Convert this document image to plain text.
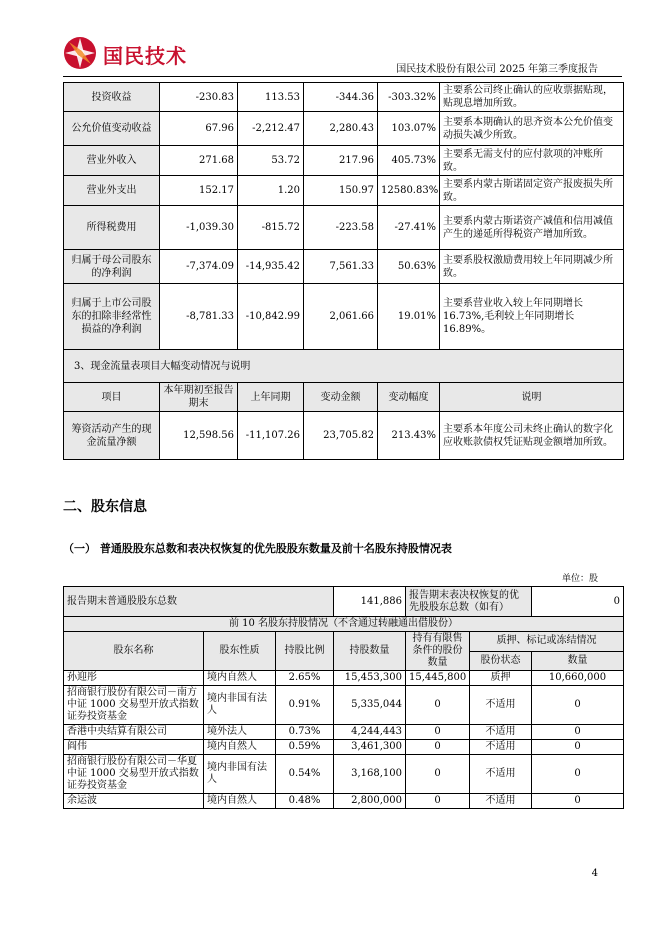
国民技术
国民技术股份有限公司 2025 年第三季度报告
投资收益	-230.83	113.53	-344.36	-303.32%	主要系公司终止确认的应收票据贴现，贴现息增加所致。
公允价值变动收益	67.96	-2,212.47	2,280.43	103.07%	主要系本期确认的思齐资本公允价值变动损失减少所致。
营业外收入	271.68	53.72	217.96	405.73%	主要系无需支付的应付款项的冲账所致。
营业外支出	152.17	1.20	150.97	12580.83%	主要系内蒙古斯诺固定资产报废损失所致。
所得税费用	-1,039.30	-815.72	-223.58	-27.41%	主要系内蒙古斯诺资产减值和信用减值产生的递延所得税资产增加所致。
归属于母公司股东的净利润	-7,374.09	-14,935.42	7,561.33	50.63%	主要系股权激励费用较上年同期减少所致。
归属于上市公司股东的扣除非经常性损益的净利润	-8,781.33	-10,842.99	2,061.66	19.01%	主要系营业收入较上年同期增长16.73%,毛利较上年同期增长16.89%。
3、现金流量表项目大幅变动情况与说明					
项目	本年期初至报告期末	上年同期	变动金额	变动幅度	说明
筹资活动产生的现金流量净额	12,598.56	-11,107.26	23,705.82	213.43%	主要系本年度公司未终止确认的数字化应收账款债权凭证贴现金额增加所致。
二、股东信息
（一） 普通股股东总数和表决权恢复的优先股股东数量及前十名股东持股情况表
单位：股
报告期末普通股股东总数			141,886	报告期末表决权恢复的优先股股东总数（如有）		0
前 10 名股东持股情况（不含通过转融通出借股份）						
股东名称	股东性质	持股比例	持股数量	持有有限售条件的股份数量	质押、标记或冻结情况	
					股份状态	数量
孙迎彤	境内自然人	2.65%	15,453,300	15,445,800	质押	10,660,000
招商银行股份有限公司－南方中证 1000 交易型开放式指数证券投资基金	境内非国有法人	0.91%	5,335,044	0	不适用	0
香港中央结算有限公司	境外法人	0.73%	4,244,443	0	不适用	0
阎伟	境内自然人	0.59%	3,461,300	0	不适用	0
招商银行股份有限公司－华夏中证 1000 交易型开放式指数证券投资基金	境内非国有法人	0.54%	3,168,100	0	不适用	0
余运波	境内自然人	0.48%	2,800,000	0	不适用	0
4
